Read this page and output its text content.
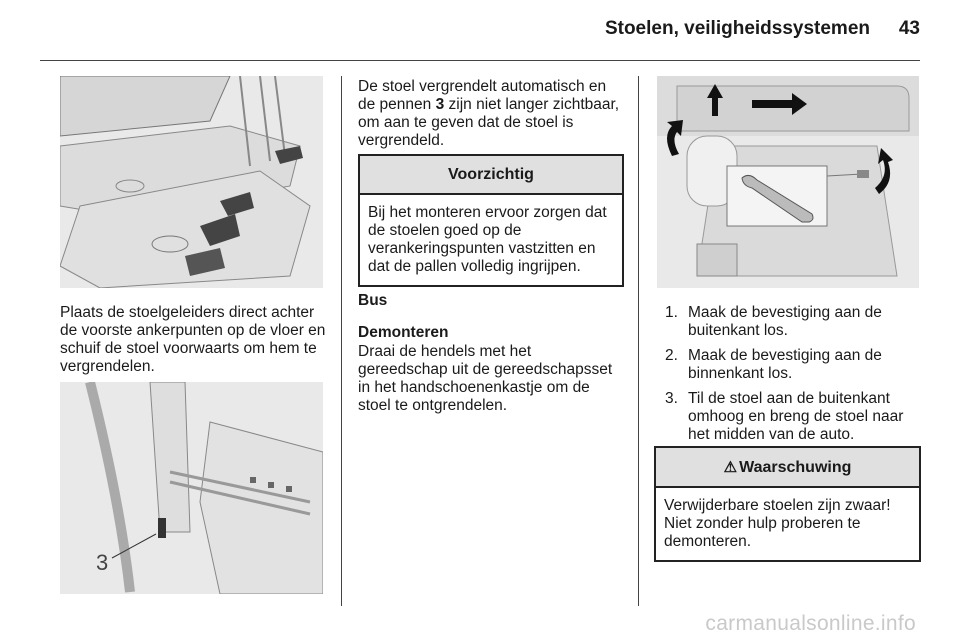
Stoelen, veiligheidssystemen 43
Plaats de stoelgeleiders direct achter de voorste ankerpunten op de vloer en schuif de stoel voorwaarts om hem te vergrendelen.
3
De stoel vergrendelt automatisch en de pennen 3 zijn niet langer zichtbaar, om aan te geven dat de stoel is vergrendeld.
Voorzichtig
Bij het monteren ervoor zorgen dat de stoelen goed op de verankeringspunten vastzitten en dat de pallen volledig ingrijpen.
Bus
Demonteren
Draai de hendels met het gereedschap uit de gereedschapsset in het handschoenenkastje om de stoel te ontgrendelen.
1. Maak de bevestiging aan de buitenkant los.
2. Maak de bevestiging aan de binnenkant los.
3. Til de stoel aan de buitenkant omhoog en breng de stoel naar het midden van de auto.
⚠ Waarschuwing
Verwijderbare stoelen zijn zwaar! Niet zonder hulp proberen te demonteren.
carmanualsonline.info
